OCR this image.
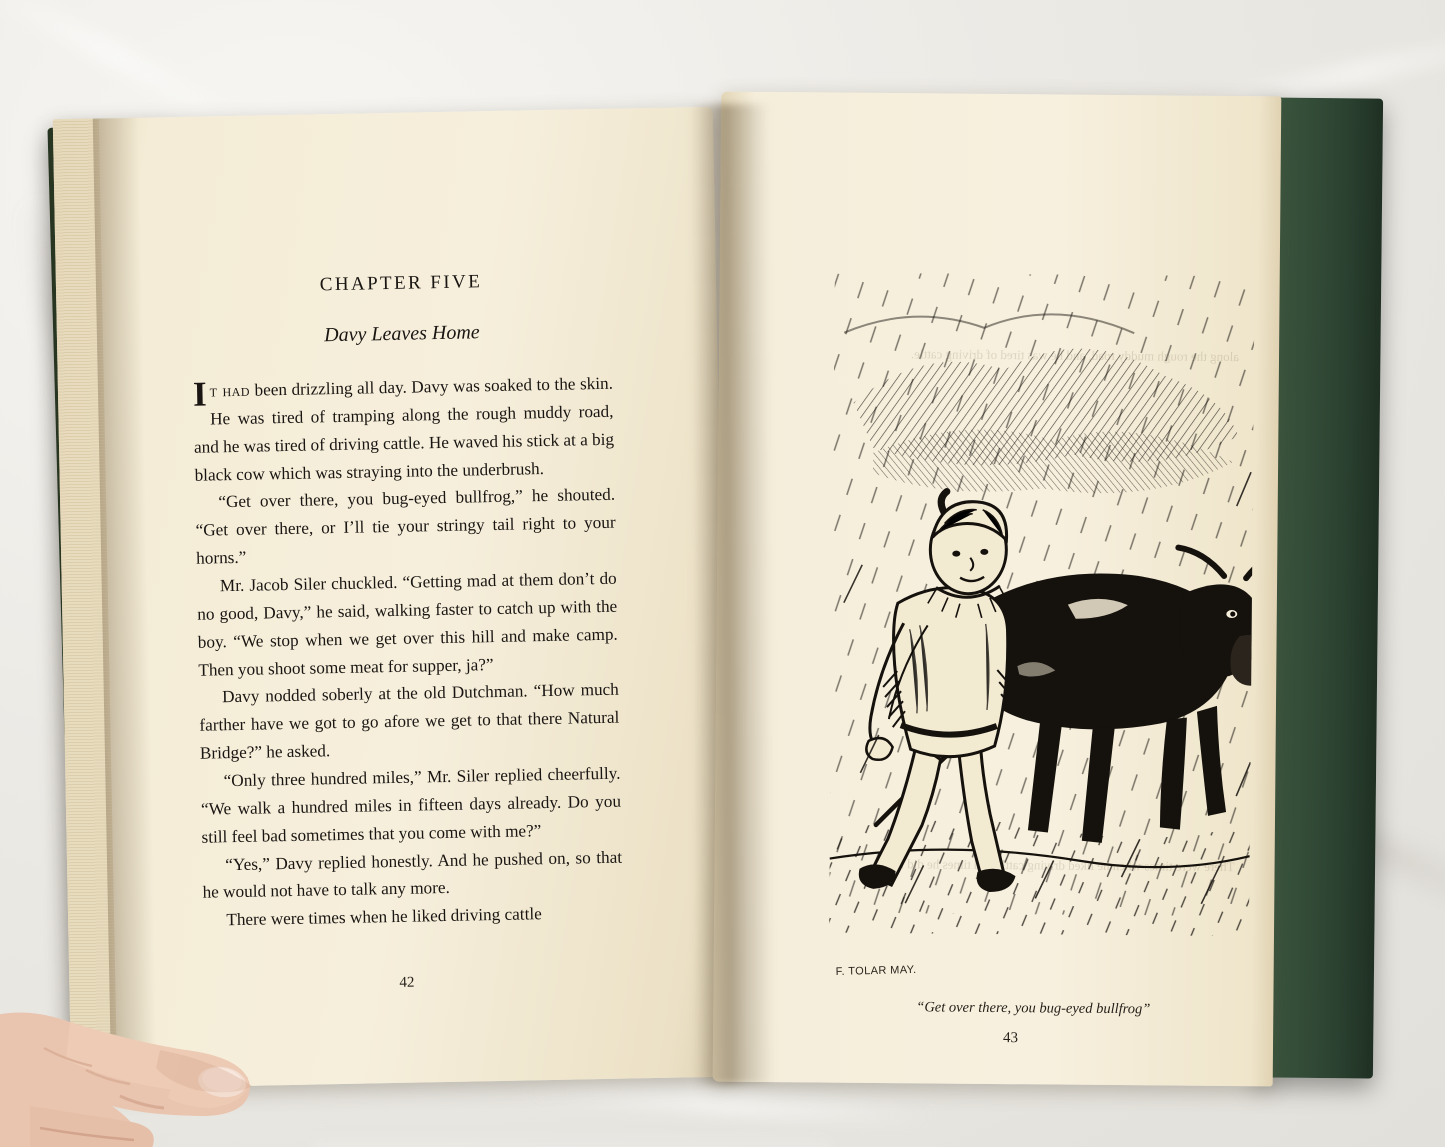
CHAPTER FIVE
Davy Leaves Home

It had been drizzling all day. Davy was soaked to the skin. He was tired of tramping along the rough muddy road, and he was tired of driving cattle. He waved his stick at a big black cow which was straying into the underbrush.

“Get over there, you bug-eyed bullfrog,” he shouted. “Get over there, or I’ll tie your stringy tail right to your horns.”

Mr. Jacob Siler chuckled. “Getting mad at them don’t do no good, Davy,” he said, walking faster to catch up with the boy. “We stop when we get over this hill and make camp. Then you shoot some meat for supper, ja?”

Davy nodded soberly at the old Dutchman. “How much farther have we got to go afore we get to that there Natural Bridge?” he asked.

“Only three hundred miles,” Mr. Siler replied cheerfully. “We walk a hundred miles in fifteen days already. Do you still feel bad sometimes that you come with me?”

“Yes,” Davy replied honestly. And he pushed on, so that he would not have to talk any more.

There were times when he liked driving cattle

42
F. TOLAR MAY.
“Get over there, you bug-eyed bullfrog”
43
